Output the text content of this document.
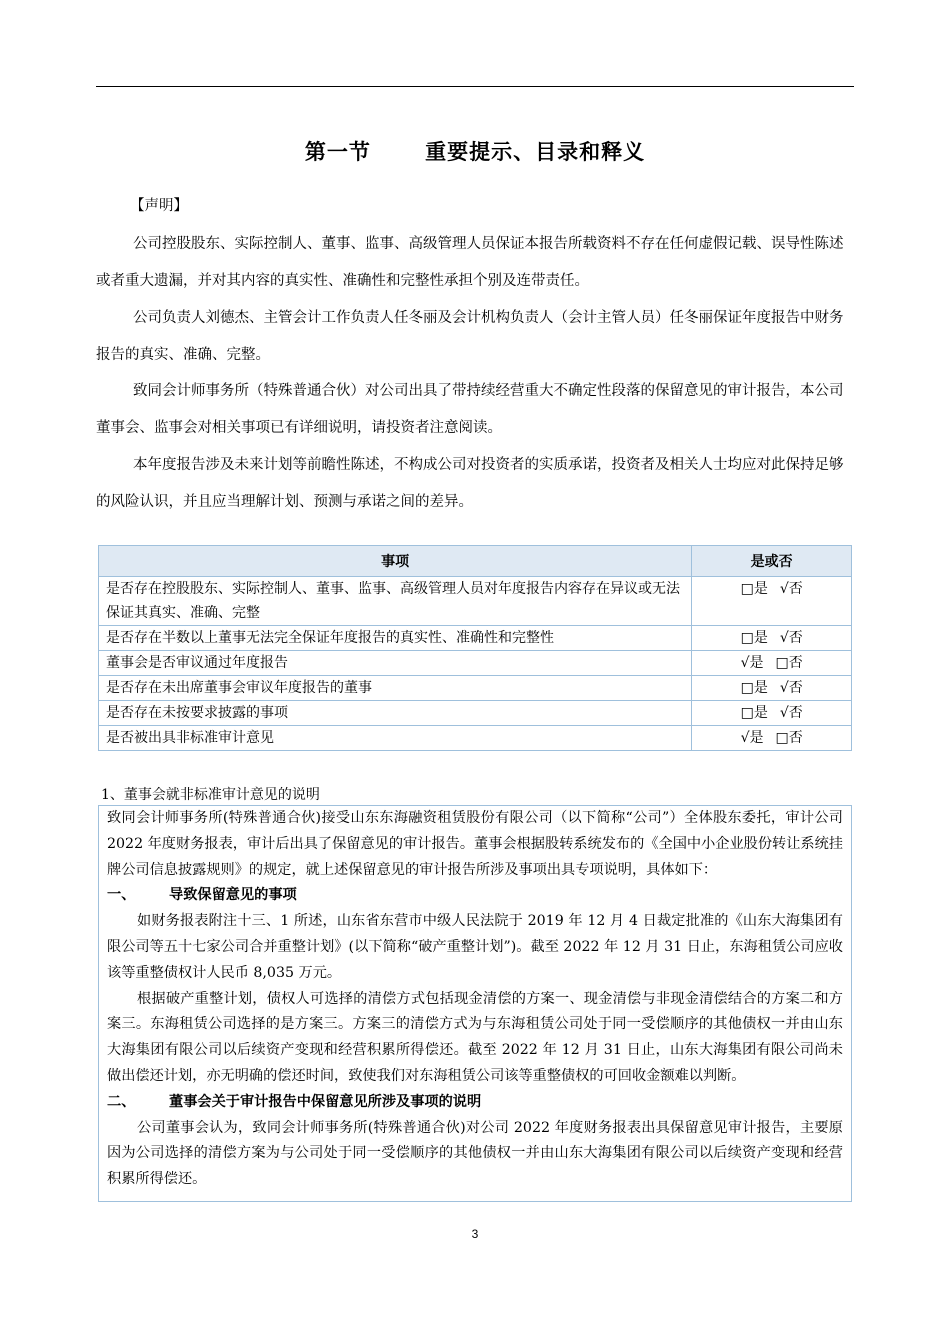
第一节　 重要提示、目录和释义
【声明】
公司控股股东、实际控制人、董事、监事、高级管理人员保证本报告所载资料不存在任何虚假记载、误导性陈述或者重大遗漏，并对其内容的真实性、准确性和完整性承担个别及连带责任。
公司负责人刘德杰、主管会计工作负责人任冬丽及会计机构负责人（会计主管人员）任冬丽保证年度报告中财务报告的真实、准确、完整。
致同会计师事务所（特殊普通合伙）对公司出具了带持续经营重大不确定性段落的保留意见的审计报告，本公司董事会、监事会对相关事项已有详细说明，请投资者注意阅读。
本年度报告涉及未来计划等前瞻性陈述，不构成公司对投资者的实质承诺，投资者及相关人士均应对此保持足够的风险认识，并且应当理解计划、预测与承诺之间的差异。
事项	是或否
是否存在控股股东、实际控制人、董事、监事、高级管理人员对年度报告内容存在异议或无法保证其真实、准确、完整	□是 √否
是否存在半数以上董事无法完全保证年度报告的真实性、准确性和完整性	□是 √否
董事会是否审议通过年度报告	√是 □否
是否存在未出席董事会审议年度报告的董事	□是 √否
是否存在未按要求披露的事项	□是 √否
是否被出具非标准审计意见	√是 □否
1、董事会就非标准审计意见的说明

致同会计师事务所(特殊普通合伙)接受山东东海融资租赁股份有限公司（以下简称“公司”）全体股东委托，审计公司 2022 年度财务报表，审计后出具了保留意见的审计报告。董事会根据股转系统发布的《全国中小企业股份转让系统挂牌公司信息披露规则》的规定，就上述保留意见的审计报告所涉及事项出具专项说明，具体如下：

一、 导致保留意见的事项

如财务报表附注十三、1 所述，山东省东营市中级人民法院于 2019 年 12 月 4 日裁定批准的《山东大海集团有限公司等五十七家公司合并重整计划》(以下简称“破产重整计划”)。截至 2022 年 12 月 31 日止，东海租赁公司应收该等重整债权计人民币 8,035 万元。

根据破产重整计划，债权人可选择的清偿方式包括现金清偿的方案一、现金清偿与非现金清偿结合的方案二和方案三。东海租赁公司选择的是方案三。方案三的清偿方式为与东海租赁公司处于同一受偿顺序的其他债权一并由山东大海集团有限公司以后续资产变现和经营积累所得偿还。截至 2022 年 12 月 31 日止，山东大海集团有限公司尚未做出偿还计划，亦无明确的偿还时间，致使我们对东海租赁公司该等重整债权的可回收金额难以判断。

二、 董事会关于审计报告中保留意见所涉及事项的说明

公司董事会认为，致同会计师事务所(特殊普通合伙)对公司 2022 年度财务报表出具保留意见审计报告，主要原因为公司选择的清偿方案为与公司处于同一受偿顺序的其他债权一并由山东大海集团有限公司以后续资产变现和经营积累所得偿还。

3
